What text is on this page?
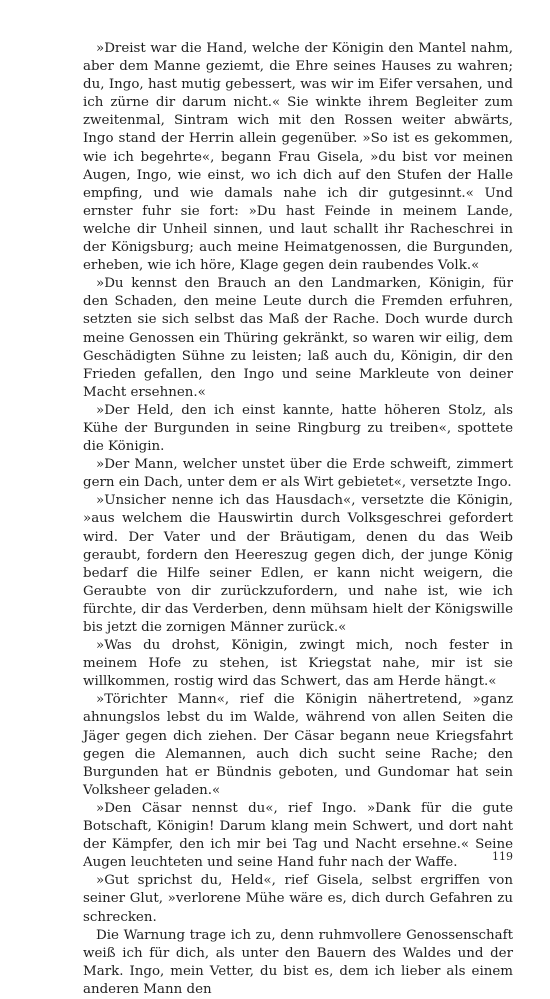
»Dreist war die Hand, welche der Königin den Mantel nahm, aber dem Manne geziemt, die Ehre seines Hauses zu wahren; du, Ingo, hast mutig gebessert, was wir im Eifer versahen, und ich zürne dir darum nicht.« Sie winkte ihrem Begleiter zum zweitenmal, Sintram wich mit den Rossen weiter abwärts, Ingo stand der Herrin allein gegenüber. »So ist es gekommen, wie ich begehrte«, begann Frau Gisela, »du bist vor meinen Augen, Ingo, wie einst, wo ich dich auf den Stufen der Halle empfing, und wie damals nahe ich dir gutgesinnt.« Und ernster fuhr sie fort: »Du hast Feinde in meinem Lande, welche dir Unheil sinnen, und laut schallt ihr Racheschrei in der Königsburg; auch meine Heimatgenossen, die Burgunden, erheben, wie ich höre, Klage gegen dein raubendes Volk.«

»Du kennst den Brauch an den Landmarken, Königin, für den Schaden, den meine Leute durch die Fremden erfuhren, setzten sie sich selbst das Maß der Rache. Doch wurde durch meine Genossen ein Thüring gekränkt, so waren wir eilig, dem Geschädigten Sühne zu leisten; laß auch du, Königin, dir den Frieden gefallen, den Ingo und seine Markleute von deiner Macht ersehnen.«

»Der Held, den ich einst kannte, hatte höheren Stolz, als Kühe der Burgunden in seine Ringburg zu treiben«, spottete die Königin.

»Der Mann, welcher unstet über die Erde schweift, zimmert gern ein Dach, unter dem er als Wirt gebietet«, versetzte Ingo.

»Unsicher nenne ich das Hausdach«, versetzte die Königin, »aus welchem die Hauswirtin durch Volksgeschrei gefordert wird. Der Vater und der Bräutigam, denen du das Weib geraubt, fordern den Heereszug gegen dich, der junge König bedarf die Hilfe seiner Edlen, er kann nicht weigern, die Geraubte von dir zurückzufordern, und nahe ist, wie ich fürchte, dir das Verderben, denn mühsam hielt der Königswille bis jetzt die zornigen Männer zurück.«

»Was du drohst, Königin, zwingt mich, noch fester in meinem Hofe zu stehen, ist Kriegstat nahe, mir ist sie willkommen, rostig wird das Schwert, das am Herde hängt.«

»Törichter Mann«, rief die Königin nähertretend, »ganz ahnungslos lebst du im Walde, während von allen Seiten die Jäger gegen dich ziehen. Der Cäsar begann neue Kriegsfahrt gegen die Alemannen, auch dich sucht seine Rache; den Burgunden hat er Bündnis geboten, und Gundomar hat sein Volksheer geladen.«

»Den Cäsar nennst du«, rief Ingo. »Dank für die gute Botschaft, Königin! Darum klang mein Schwert, und dort naht der Kämpfer, den ich mir bei Tag und Nacht ersehne.« Seine Augen leuchteten und seine Hand fuhr nach der Waffe.

»Gut sprichst du, Held«, rief Gisela, selbst ergriffen von seiner Glut, »verlorene Mühe wäre es, dich durch Gefahren zu schrecken.

Die Warnung trage ich zu, denn ruhmvollere Genossenschaft weiß ich für dich, als unter den Bauern des Waldes und der Mark. Ingo, mein Vetter, du bist es, dem ich lieber als einem anderen Mann den

119
